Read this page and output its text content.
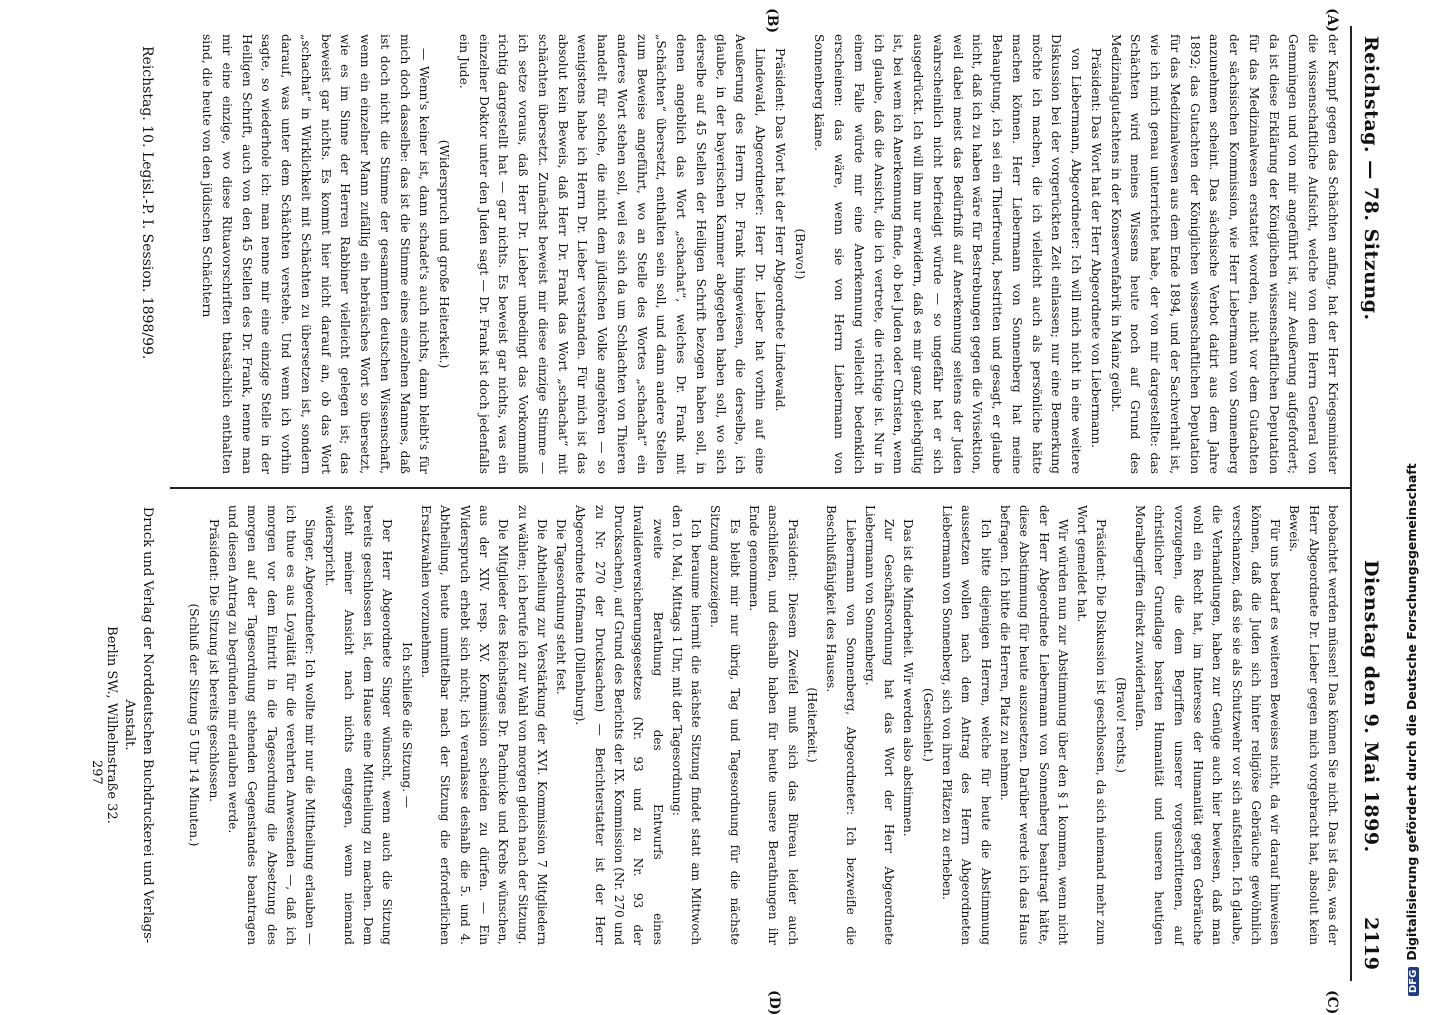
Reichstag. — 78. Sitzung.
Dienstag den 9. Mai 1899.
2119
(A)
(B)
(C)
(D)

der Kampf gegen das Schächten anfing, hat der Herr Kriegsminister die wissenschaftliche Aufsicht, welche von dem Herrn General von Gemmingen und von mir angeführt ist, zur Aeußerung aufgefordert; da ist diese Erklärung der Königlichen wissenschaftlichen Deputation für das Medizinalwesen erstattet worden, nicht vor dem Gutachten der sächsischen Kommission, wie Herr Liebermann von Sonnenberg anzunehmen scheint. Das sächsische Verbot datirt aus dem Jahre 1892; das Gutachten der Königlichen wissenschaftlichen Deputation für das Medizinalwesen aus dem Ende 1894, und der Sachverhalt ist, wie ich mich genau unterrichtet habe, der von mir dargestellte: das Schächten wird meines Wissens heute noch auf Grund des Medizinalgutachtens in der Konservenfabrik in Mainz geübt.

Präsident: Das Wort hat der Herr Abgeordnete von Liebermann.

von Liebermann, Abgeordneter: Ich will mich nicht in eine weitere Diskussion bei der vorgerückten Zeit einlassen; nur eine Bemerkung möchte ich machen, die ich vielleicht auch als persönliche hätte machen können. Herr Liebermann von Sonnenberg hat meine Behauptung, ich sei ein Thierfreund, bestritten und gesagt, er glaube nicht, daß ich zu haben wäre für Bestrebungen gegen die Vivisektion, weil dabei meist das Bedürfniß auf Anerkennung seitens der Juden wahrscheinlich nicht befriedigt würde — so ungefähr hat er sich ausgedrückt. Ich will ihm nur erwidern, daß es mir ganz gleichgültig ist, bei wem ich Anerkennung finde, ob bei Juden oder Christen, wenn ich glaube, daß die Ansicht, die ich vertrete, die richtige ist. Nur in einem Falle würde mir eine Anerkennung vielleicht bedenklich erscheinen: das wäre, wenn sie von Herrn Liebermann von Sonnenberg käme.

(Bravo!)

Präsident: Das Wort hat der Herr Abgeordnete Lindewald.

Lindewald, Abgeordneter: Herr Dr. Lieber hat vorhin auf eine Aeußerung des Herrn Dr. Frank hingewiesen, die derselbe, ich glaube, in der bayerischen Kammer abgegeben haben soll, wo sich derselbe auf 45 Stellen der Heiligen Schrift bezogen haben soll, in denen angeblich das Wort „schachat“, welches Dr. Frank mit „Schächten“ übersetzt, enthalten sein soll, und dann andere Stellen zum Beweise angeführt, wo an Stelle des Wortes „schachat“ ein anderes Wort stehen soll, weil es sich da um Schlachten von Thieren handelt für solche, die nicht dem jüdischen Volke angehören — so wenigstens habe ich Herrn Dr. Lieber verstanden. Für mich ist das absolut kein Beweis, daß Herr Dr. Frank das Wort „schachat“ mit schächten übersetzt. Zunächst beweist mir diese einzige Stimme — ich setze voraus, daß Herr Dr. Lieber unbedingt das Vorkommniß richtig dargestellt hat — gar nichts. Es beweist gar nichts, was ein einzelner Doktor unter den Juden sagt — Dr. Frank ist doch jedenfalls ein Jude.

(Widerspruch und große Heiterkeit.)

— Wenn's keiner ist, dann schadet's auch nichts, dann bleibt's für mich doch dasselbe: das ist die Stimme eines einzelnen Mannes, daß ist doch nicht die Stimme der gesammten deutschen Wissenschaft, wenn ein einzelner Mann zufällig ein hebräisches Wort so übersetzt, wie es im Sinne der Herren Rabbiner vielleicht gelegen ist; das beweist gar nichts. Es kommt hier nicht darauf an, ob das Wort „schachat“ in Wirklichkeit mit Schächten zu übersetzen ist, sondern darauf, was unter dem Schächten verstehe. Und wenn ich vorhin sagte, so wiederhole ich: man nenne mir eine einzige Stelle in der Heiligen Schrift, auch von den 45 Stellen des Dr. Frank, nenne man mir eine einzige, wo diese Rituavorschriften thatsächlich enthalten sind, die heute von den jüdischen Schächtern

beobachtet werden müssen! Das können Sie nicht. Das ist das, was der Herr Abgeordnete Dr. Lieber gegen mich vorgebracht hat, absolut kein Beweis.

Für uns bedarf es weiteren Beweises nicht, da wir darauf hinweisen können, daß die Juden sich hinter religiöse Gebräuche gewöhnlich verschanzen, daß sie sie als Schutzwehr vor sich aufstellen. Ich glaube, die Verhandlungen, haben zur Genüge auch hier bewiesen, daß man wohl ein Recht hat, im Interesse der Humanität gegen Gebräuche vorzugehen, die dem Begriffen unserer vorgeschrittenen, auf christlicher Grundlage basirten Humanität und unseren heutigen Moralbegriffen direkt zuwiderlaufen.

(Bravo! rechts.)

Präsident: Die Diskussion ist geschlossen, da sich niemand mehr zum Wort gemeldet hat.

Wir würden nun zur Abstimmung über den § 1 kommen, wenn nicht der Herr Abgeordnete Liebermann von Sonnenberg beantragt hätte, diese Abstimmung für heute auszusetzen. Darüber werde ich das Haus befragen. Ich bitte die Herren, Platz zu nehmen.

Ich bitte diejenigen Herren, welche für heute die Abstimmung aussetzen wollen nach dem Antrag des Herrn Abgeordneten Liebermann von Sonnenberg, sich von ihren Plätzen zu erheben.

(Geschieht.)

Das ist die Minderheit. Wir werden also abstimmen.

Zur Geschäftsordnung hat das Wort der Herr Abgeordnete Liebermann von Sonnenberg.

Liebermann von Sonnenberg, Abgeordneter: Ich bezweifle die Beschlußfähigkeit des Hauses.

(Heiterkeit.)

Präsident: Diesem Zweifel muß sich das Büreau leider auch anschließen, und deshalb haben für heute unsere Berathungen ihr Ende genommen.

Es bleibt mir nur übrig, Tag und Tagesordnung für die nächste Sitzung anzuzeigen.

Ich beraume hiermit die nächste Sitzung findet statt am Mittwoch den 10. Mai, Mittags 1 Uhr, mit der Tagesordnung:

zweite Berathung des Entwurfs eines Invalidenversicherungsgesetzes (Nr. 93 und zu Nr. 93 der Drucksachen), auf Grund des Berichts der IX. Kommission (Nr. 270 und zu Nr. 270 der Drucksachen) — Berichterstatter ist der Herr Abgeordnete Hofmann (Dillenburg).

Die Tagesordnung steht fest.

Die Abtheilung zur Verstärkung der XVI. Kommission 7 Mitgliedern zu wählen; ich berufe ich zur Wahl von morgen gleich nach der Sitzung.

Die Mitglieder des Reichstages Dr. Pachnicke und Krebs wünschen, aus der XIV. resp. XV. Kommission scheiden zu dürfen. — Ein Widerspruch erhebt sich nicht; ich veranlasse deshalb die 5. und 4. Abtheilung, heute unmittelbar nach der Sitzung die erforderlichen Ersatzwahlen vorzunehmen.

Ich schließe die Sitzung. —

Der Herr Abgeordnete Singer wünscht, wenn auch die Sitzung bereits geschlossen ist, dem Hause eine Mittheilung zu machen. Dem steht meiner Ansicht nach nichts entgegen, wenn niemand widerspricht.

Singer, Abgeordneter: Ich wollte mir nur die Mittheilung erlauben — ich thue es aus Loyalität für die verehrten Anwesenden —, daß ich morgen vor dem Eintritt in die Tagesordnung die Absetzung des morgen auf der Tagesordnung stehenden Gegenstandes beantragen und diesen Antrag zu begründen mir erlauben werde.

Präsident: Die Sitzung ist bereits geschlossen.

(Schluß der Sitzung 5 Uhr 14 Minuten.)

Reichstag. 10. Legisl.-P. I. Session. 1898/99.
Druck und Verlag der Norddeutschen Buchdruckerei und Verlags-Anstalt.
Berlin SW., Wilhelmstraße 32.
297
DFGDigitalisierung gefördert durch die Deutsche Forschungsgemeinschaft
